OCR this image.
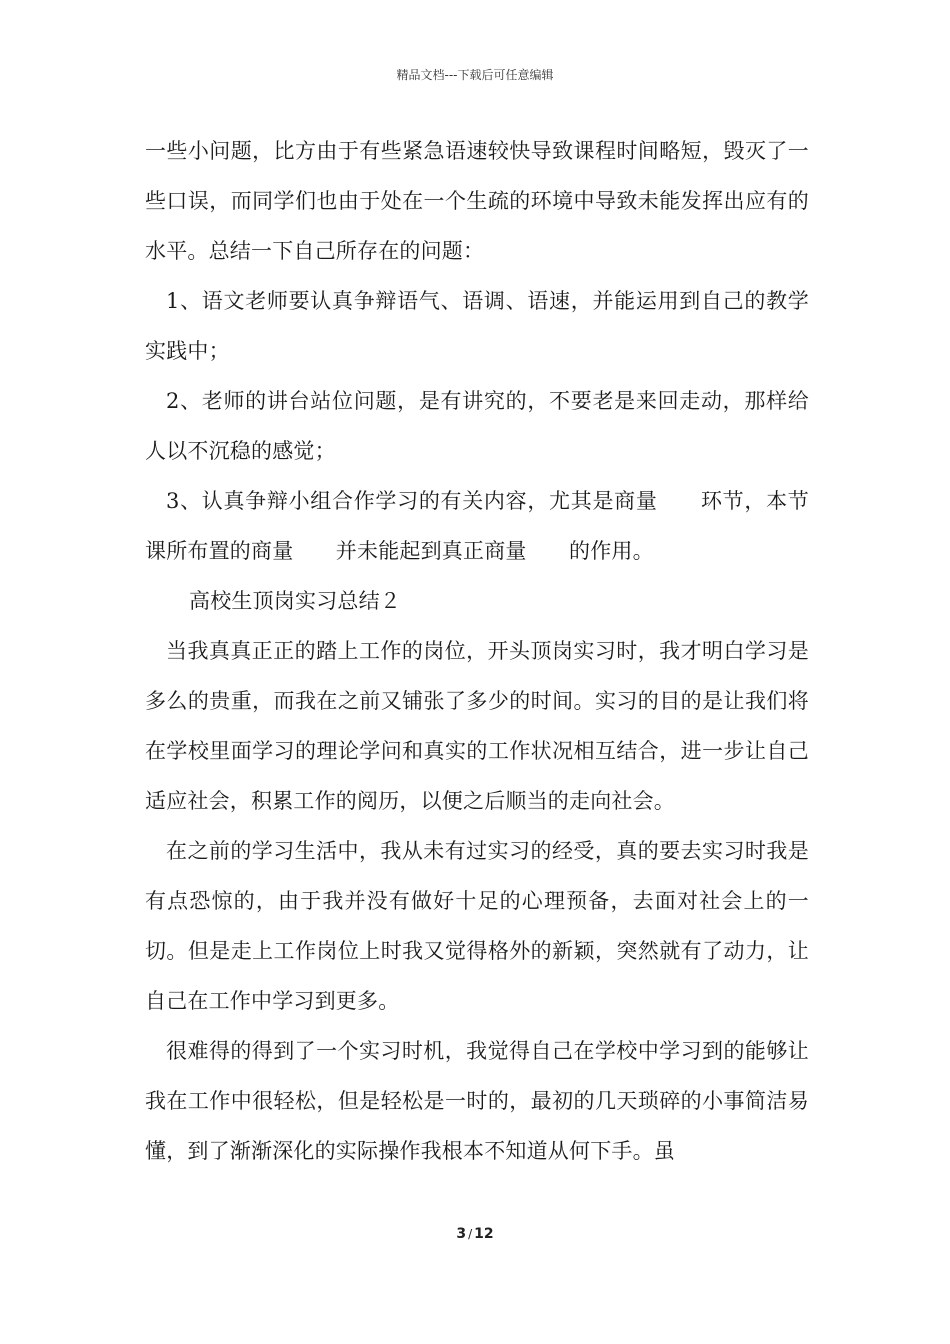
精品文档---下载后可任意编辑

一些小问题，比方由于有些紧急语速较快导致课程时间略短，毁灭了一些口误，而同学们也由于处在一个生疏的环境中导致未能发挥出应有的水平。总结一下自己所存在的问题：

1、语文老师要认真争辩语气、语调、语速，并能运用到自己的教学实践中；

2、老师的讲台站位问题，是有讲究的，不要老是来回走动，那样给人以不沉稳的感觉；

3、认真争辩小组合作学习的有关内容，尤其是商量　　环节，本节课所布置的商量　　并未能起到真正商量　　的作用。

高校生顶岗实习总结２

当我真真正正的踏上工作的岗位，开头顶岗实习时，我才明白学习是多么的贵重，而我在之前又铺张了多少的时间。实习的目的是让我们将在学校里面学习的理论学问和真实的工作状况相互结合，进一步让自己适应社会，积累工作的阅历，以便之后顺当的走向社会。

在之前的学习生活中，我从未有过实习的经受，真的要去实习时我是有点恐惊的，由于我并没有做好十足的心理预备，去面对社会上的一切。但是走上工作岗位上时我又觉得格外的新颖，突然就有了动力，让自己在工作中学习到更多。

很难得的得到了一个实习时机，我觉得自己在学校中学习到的能够让我在工作中很轻松，但是轻松是一时的，最初的几天琐碎的小事简洁易懂，到了渐渐深化的实际操作我根本不知道从何下手。虽

3 / 12
